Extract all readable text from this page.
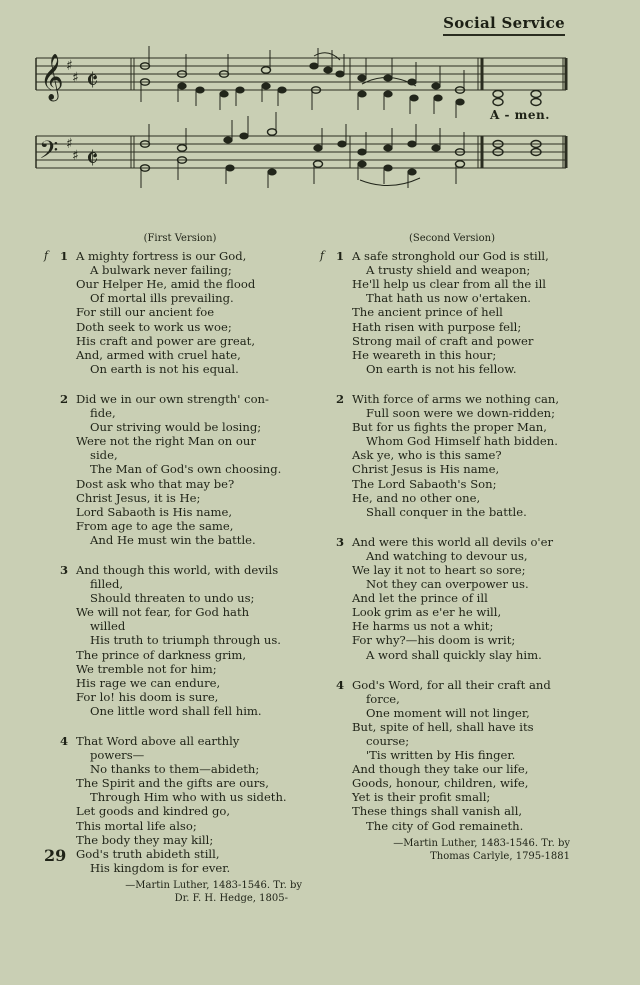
Social Service
𝄞
𝄢
♯
♯
♯
♯
𝄵
𝄵
A - men.
(First Version)
f 1 A mighty fortress is our God,
A bulwark never failing;
Our Helper He, amid the flood
Of mortal ills prevailing.
For still our ancient foe
Doth seek to work us woe;
His craft and power are great,
And, armed with cruel hate,
On earth is not his equal.
2 Did we in our own strength' con-
fide,
Our striving would be losing;
Were not the right Man on our
side,
The Man of God's own choosing.
Dost ask who that may be?
Christ Jesus, it is He;
Lord Sabaoth is His name,
From age to age the same,
And He must win the battle.
3 And though this world, with devils
filled,
Should threaten to undo us;
We will not fear, for God hath
willed
His truth to triumph through us.
The prince of darkness grim,
We tremble not for him;
His rage we can endure,
For lo! his doom is sure,
One little word shall fell him.
4 That Word above all earthly
powers—
No thanks to them—abideth;
The Spirit and the gifts are ours,
Through Him who with us sideth.
Let goods and kindred go,
This mortal life also;
The body they may kill;
God's truth abideth still,
His kingdom is for ever.
—Martin Luther, 1483-1546. Tr. by
Dr. F. H. Hedge, 1805-
(Second Version)
f 1 A safe stronghold our God is still,
A trusty shield and weapon;
He'll help us clear from all the ill
That hath us now o'ertaken.
The ancient prince of hell
Hath risen with purpose fell;
Strong mail of craft and power
He weareth in this hour;
On earth is not his fellow.
2 With force of arms we nothing can,
Full soon were we down-ridden;
But for us fights the proper Man,
Whom God Himself hath bidden.
Ask ye, who is this same?
Christ Jesus is His name,
The Lord Sabaoth's Son;
He, and no other one,
Shall conquer in the battle.
3 And were this world all devils o'er
And watching to devour us,
We lay it not to heart so sore;
Not they can overpower us.
And let the prince of ill
Look grim as e'er he will,
He harms us not a whit;
For why?—his doom is writ;
A word shall quickly slay him.
4 God's Word, for all their craft and
force,
One moment will not linger,
But, spite of hell, shall have its
course;
'Tis written by His finger.
And though they take our life,
Goods, honour, children, wife,
Yet is their profit small;
These things shall vanish all,
The city of God remaineth.
—Martin Luther, 1483-1546. Tr. by
Thomas Carlyle, 1795-1881
29
